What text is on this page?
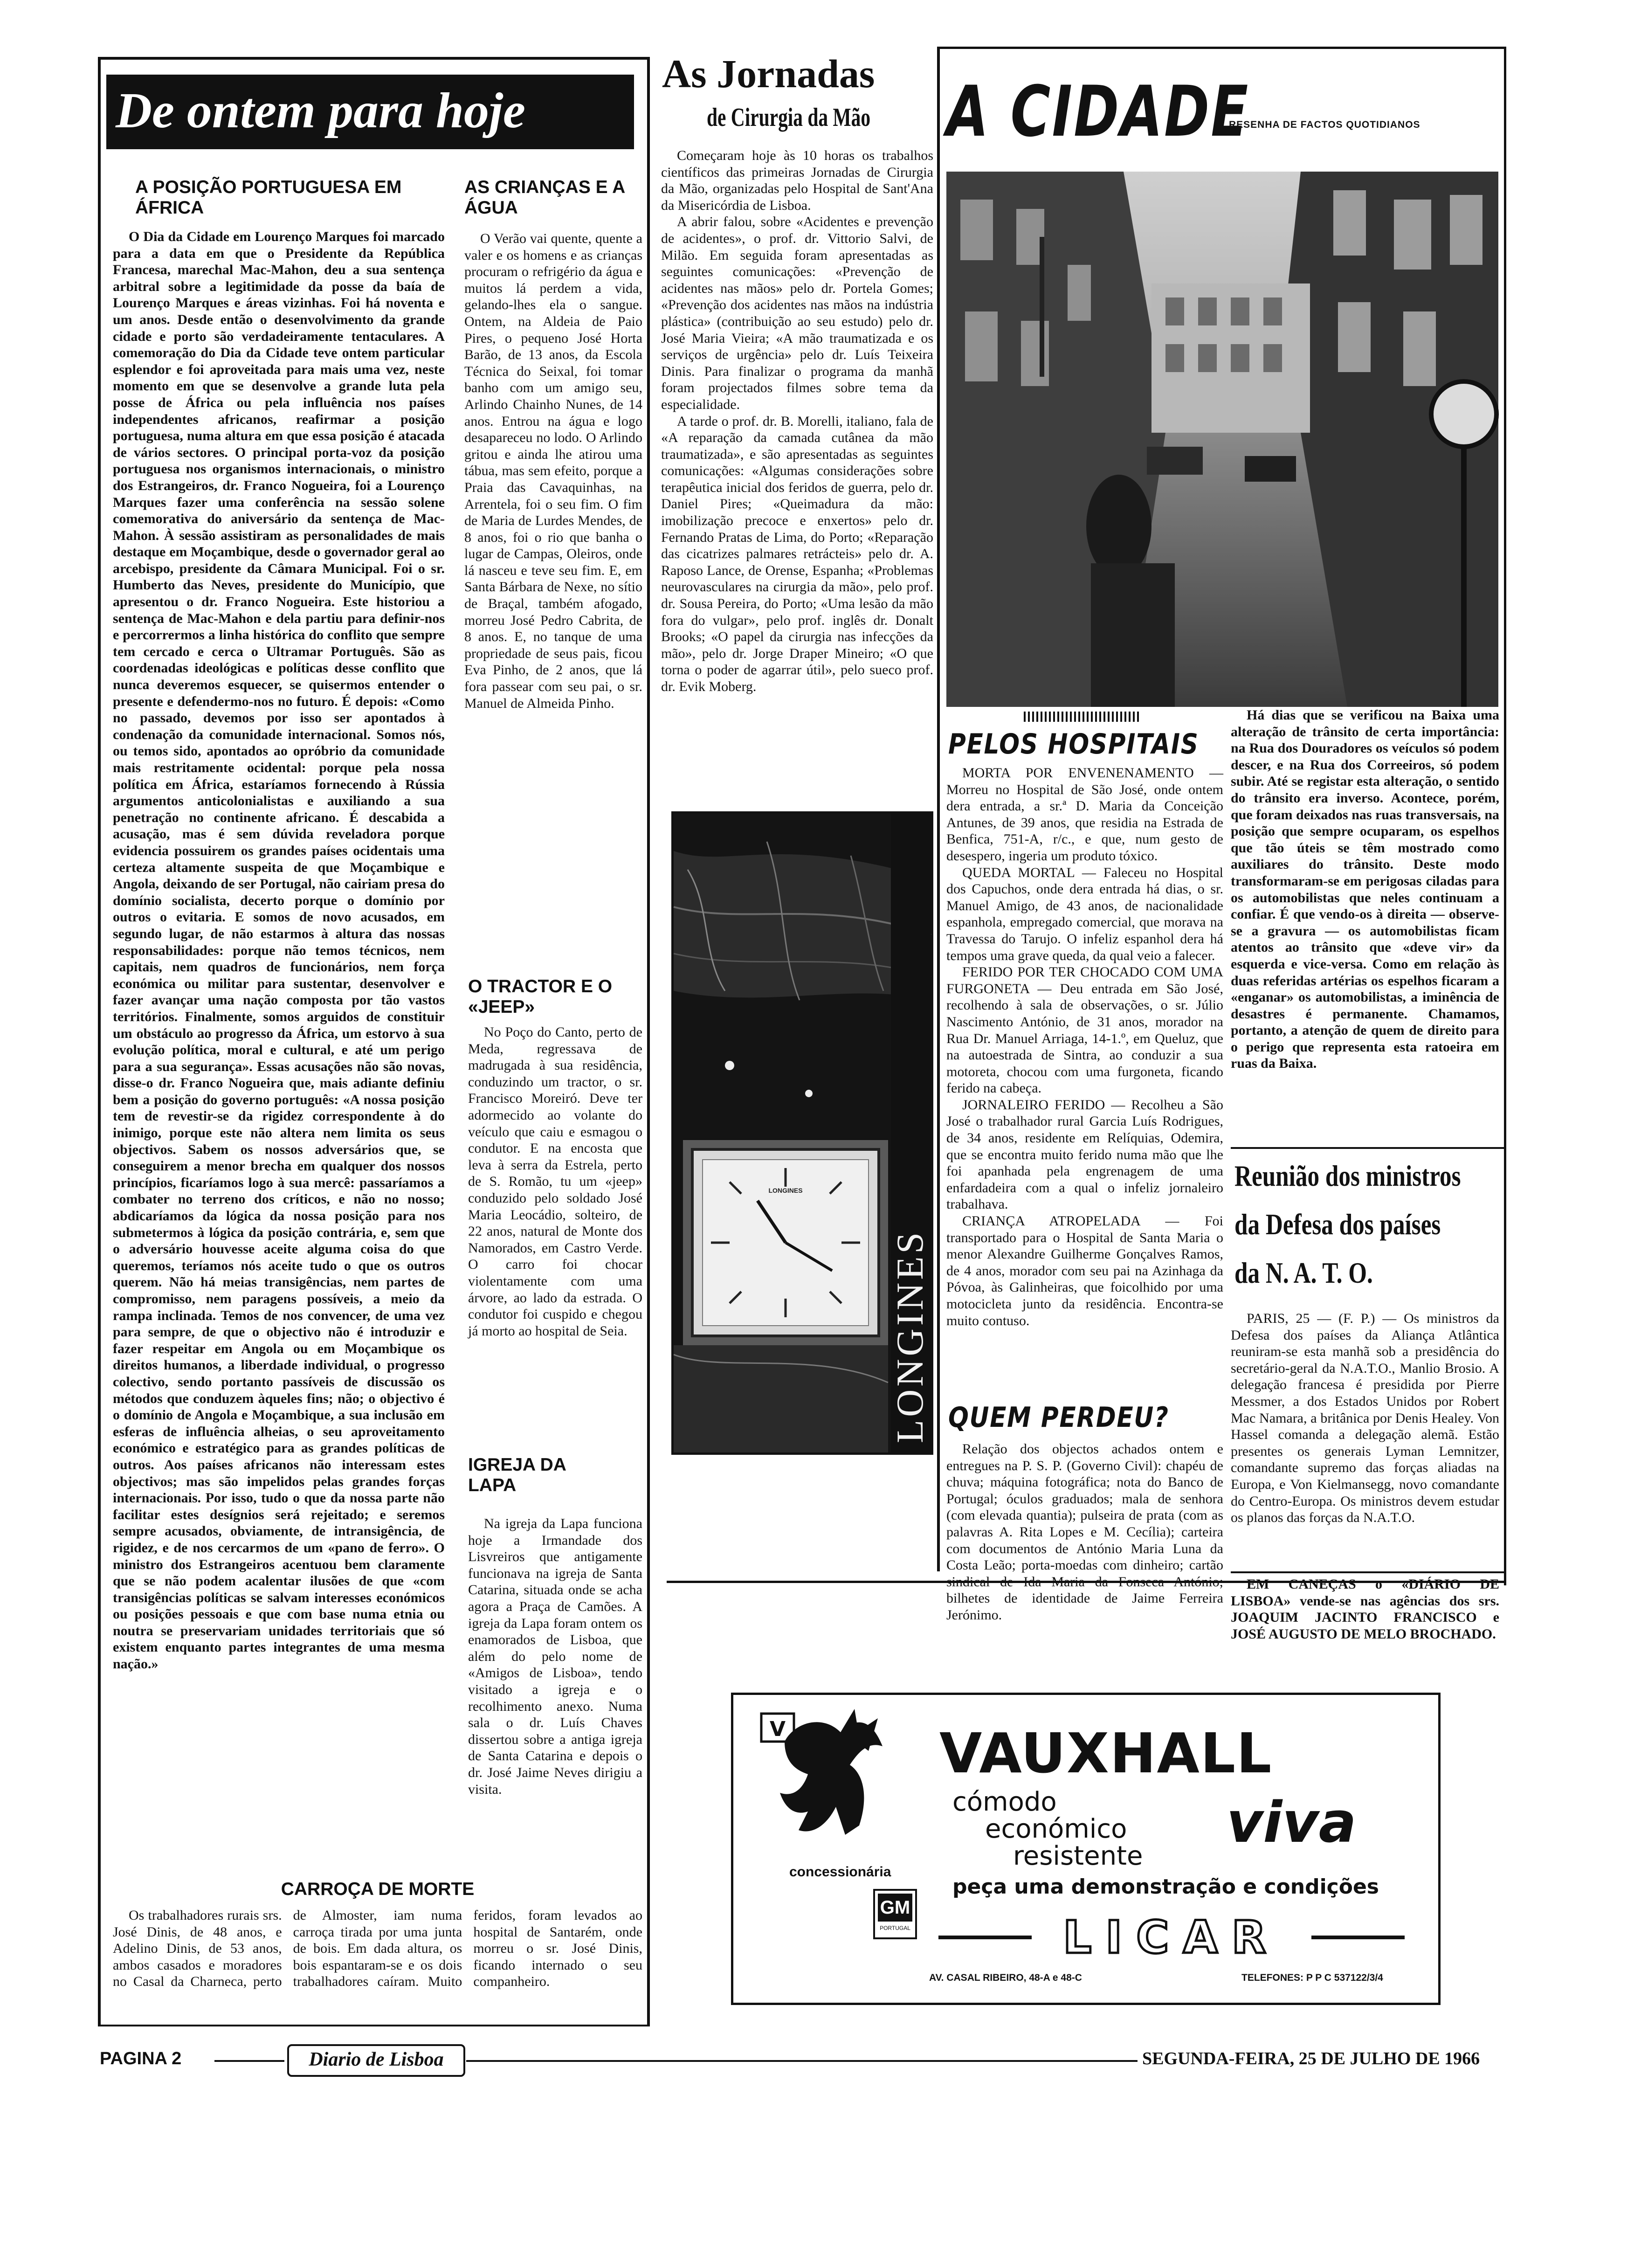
De ontem para hoje
A POSIÇÃO PORTUGUESA EM ÁFRICA

O Dia da Cidade em Lourenço Marques foi marcado para a data em que o Presidente da República Francesa, marechal Mac-Mahon, deu a sua sentença arbitral sobre a legitimidade da posse da baía de Lourenço Marques e áreas vizinhas. Foi há noventa e um anos. Desde então o desenvolvimento da grande cidade e porto são verdadeiramente tentaculares. A comemoração do Dia da Cidade teve ontem particular esplendor e foi aproveitada para mais uma vez, neste momento em que se desenvolve a grande luta pela posse de África ou pela influência nos países independentes africanos, reafirmar a posição portuguesa, numa altura em que essa posição é atacada de vários sectores. O principal porta-voz da posição portuguesa nos organismos internacionais, o ministro dos Estrangeiros, dr. Franco Nogueira, foi a Lourenço Marques fazer uma conferência na sessão solene comemorativa do aniversário da sentença de Mac-Mahon. À sessão assistiram as personalidades de mais destaque em Moçambique, desde o governador geral ao arcebispo, presidente da Câmara Municipal. Foi o sr. Humberto das Neves, presidente do Município, que apresentou o dr. Franco Nogueira. Este historiou a sentença de Mac-Mahon e dela partiu para definir-nos e percorrermos a linha histórica do conflito que sempre tem cercado e cerca o Ultramar Português. São as coordenadas ideológicas e políticas desse conflito que nunca deveremos esquecer, se quisermos entender o presente e defendermo-nos no futuro. É depois: «Como no passado, devemos por isso ser apontados à condenação da comunidade internacional. Somos nós, ou temos sido, apontados ao opróbrio da comunidade mais restritamente ocidental: porque pela nossa política em África, estaríamos fornecendo à Rússia argumentos anticolonialistas e auxiliando a sua penetração no continente africano. É descabida a acusação, mas é sem dúvida reveladora porque evidencia possuirem os grandes países ocidentais uma certeza altamente suspeita de que Moçambique e Angola, deixando de ser Portugal, não cairiam presa do domínio socialista, decerto porque o domínio por outros o evitaria. E somos de novo acusados, em segundo lugar, de não estarmos à altura das nossas responsabilidades: porque não temos técnicos, nem capitais, nem quadros de funcionários, nem força económica ou militar para sustentar, desenvolver e fazer avançar uma nação composta por tão vastos territórios. Finalmente, somos arguidos de constituir um obstáculo ao progresso da África, um estorvo à sua evolução política, moral e cultural, e até um perigo para a sua segurança». Essas acusações não são novas, disse-o dr. Franco Nogueira que, mais adiante definiu bem a posição do governo português: «A nossa posição tem de revestir-se da rigidez correspondente à do inimigo, porque este não altera nem limita os seus objectivos. Sabem os nossos adversários que, se conseguirem a menor brecha em qualquer dos nossos princípios, ficaríamos logo à sua mercê: passaríamos a combater no terreno dos críticos, e não no nosso; abdicaríamos da lógica da nossa posição para nos submetermos à lógica da posição contrária, e, sem que o adversário houvesse aceite alguma coisa do que queremos, teríamos nós aceite tudo o que os outros querem. Não há meias transigências, nem partes de compromisso, nem paragens possíveis, a meio da rampa inclinada. Temos de nos convencer, de uma vez para sempre, de que o objectivo não é introduzir e fazer respeitar em Angola ou em Moçambique os direitos humanos, a liberdade individual, o progresso colectivo, sendo portanto passíveis de discussão os métodos que conduzem àqueles fins; não; o objectivo é o domínio de Angola e Moçambique, a sua inclusão em esferas de influência alheias, o seu aproveitamento económico e estratégico para as grandes políticas de outros. Aos países africanos não interessam estes objectivos; mas são impelidos pelas grandes forças internacionais. Por isso, tudo o que da nossa parte não facilitar estes desígnios será rejeitado; e seremos sempre acusados, obviamente, de intransigência, de rigidez, e de nos cercarmos de um «pano de ferro». O ministro dos Estrangeiros acentuou bem claramente que se não podem acalentar ilusões de que «com transigências políticas se salvam interesses económicos ou posições pessoais e que com base numa etnia ou noutra se preservariam unidades territoriais que só existem enquanto partes integrantes de uma mesma nação.»

AS CRIANÇAS E A ÁGUA

O Verão vai quente, quente a valer e os homens e as crianças procuram o refrigério da água e muitos lá perdem a vida, gelando-lhes ela o sangue. Ontem, na Aldeia de Paio Pires, o pequeno José Horta Barão, de 13 anos, da Escola Técnica do Seixal, foi tomar banho com um amigo seu, Arlindo Chainho Nunes, de 14 anos. Entrou na água e logo desapareceu no lodo. O Arlindo gritou e ainda lhe atirou uma tábua, mas sem efeito, porque a Praia das Cavaquinhas, na Arrentela, foi o seu fim. O fim de Maria de Lurdes Mendes, de 8 anos, foi o rio que banha o lugar de Campas, Oleiros, onde lá nasceu e teve seu fim. E, em Santa Bárbara de Nexe, no sítio de Braçal, também afogado, morreu José Pedro Cabrita, de 8 anos. E, no tanque de uma propriedade de seus pais, ficou Eva Pinho, de 2 anos, que lá fora passear com seu pai, o sr. Manuel de Almeida Pinho.

O TRACTOR E O «JEEP»

No Poço do Canto, perto de Meda, regressava de madrugada à sua residência, conduzindo um tractor, o sr. Francisco Moreiró. Deve ter adormecido ao volante do veículo que caiu e esmagou o condutor. E na encosta que leva à serra da Estrela, perto de S. Romão, tu um «jeep» conduzido pelo soldado José Maria Leocádio, solteiro, de 22 anos, natural de Monte dos Namorados, em Castro Verde. O carro foi chocar violentamente com uma árvore, ao lado da estrada. O condutor foi cuspido e chegou já morto ao hospital de Seia.

IGREJA DA LAPA

Na igreja da Lapa funciona hoje a Irmandade dos Lisvreiros que antigamente funcionava na igreja de Santa Catarina, situada onde se acha agora a Praça de Camões. A igreja da Lapa foram ontem os enamorados de Lisboa, que além do pelo nome de «Amigos de Lisboa», tendo visitado a igreja e o recolhimento anexo. Numa sala o dr. Luís Chaves dissertou sobre a antiga igreja de Santa Catarina e depois o dr. José Jaime Neves dirigiu a visita.

CARROÇA DE MORTE

Os trabalhadores rurais srs. José Dinis, de 48 anos, e Adelino Dinis, de 53 anos, ambos casados e moradores no Casal da Charneca, perto de Almoster, iam numa carroça tirada por uma junta de bois. Em dada altura, os bois espantaram-se e os dois trabalhadores caíram. Muito feridos, foram levados ao hospital de Santarém, onde morreu o sr. José Dinis, ficando internado o seu companheiro.

As Jornadas
de Cirurgia da Mão

Começaram hoje às 10 horas os trabalhos científicos das primeiras Jornadas de Cirurgia da Mão, organizadas pelo Hospital de Sant'Ana da Misericórdia de Lisboa.

A abrir falou, sobre «Acidentes e prevenção de acidentes», o prof. dr. Vittorio Salvi, de Milão. Em seguida foram apresentadas as seguintes comunicações: «Prevenção de acidentes nas mãos» pelo dr. Portela Gomes; «Prevenção dos acidentes nas mãos na indústria plástica» (contribuição ao seu estudo) pelo dr. José Maria Vieira; «A mão traumatizada e os serviços de urgência» pelo dr. Luís Teixeira Dinis. Para finalizar o programa da manhã foram projectados filmes sobre tema da especialidade.

A tarde o prof. dr. B. Morelli, italiano, fala de «A reparação da camada cutânea da mão traumatizada», e são apresentadas as seguintes comunicações: «Algumas considerações sobre terapêutica inicial dos feridos de guerra, pelo dr. Daniel Pires; «Queimadura da mão: imobilização precoce e enxertos» pelo dr. Fernando Pratas de Lima, do Porto; «Reparação das cicatrizes palmares retrácteis» pelo dr. A. Raposo Lance, de Orense, Espanha; «Problemas neurovasculares na cirurgia da mão», pelo prof. dr. Sousa Pereira, do Porto; «Uma lesão da mão fora do vulgar», pelo prof. inglês dr. Donalt Brooks; «O papel da cirurgia nas infecções da mão», pelo dr. Jorge Draper Mineiro; «O que torna o poder de agarrar útil», pelo sueco prof. dr. Evik Moberg.

LONGINES
LONGINES
A CIDADE
RESENHA DE FACTOS QUOTIDIANOS
PELOS HOSPITAIS

MORTA POR ENVENENAMENTO — Morreu no Hospital de São José, onde ontem dera entrada, a sr.ª D. Maria da Conceição Antunes, de 39 anos, que residia na Estrada de Benfica, 751-A, r/c., e que, num gesto de desespero, ingeria um produto tóxico.

QUEDA MORTAL — Faleceu no Hospital dos Capuchos, onde dera entrada há dias, o sr. Manuel Amigo, de 43 anos, de nacionalidade espanhola, empregado comercial, que morava na Travessa do Tarujo. O infeliz espanhol dera há tempos uma grave queda, da qual veio a falecer.

FERIDO POR TER CHOCADO COM UMA FURGONETA — Deu entrada em São José, recolhendo à sala de observações, o sr. Júlio Nascimento António, de 31 anos, morador na Rua Dr. Manuel Arriaga, 14-1.º, em Queluz, que na autoestrada de Sintra, ao conduzir a sua motoreta, chocou com uma furgoneta, ficando ferido na cabeça.

JORNALEIRO FERIDO — Recolheu a São José o trabalhador rural Garcia Luís Rodrigues, de 34 anos, residente em Relíquias, Odemira, que se encontra muito ferido numa mão que lhe foi apanhada pela engrenagem de uma enfardadeira com a qual o infeliz jornaleiro trabalhava.

CRIANÇA ATROPELADA — Foi transportado para o Hospital de Santa Maria o menor Alexandre Guilherme Gonçalves Ramos, de 4 anos, morador com seu pai na Azinhaga da Póvoa, às Galinheiras, que foicolhido por uma motocicleta junto da residência. Encontra-se muito contuso.

QUEM PERDEU?

Relação dos objectos achados ontem e entregues na P. S. P. (Governo Civil): chapéu de chuva; máquina fotográfica; nota do Banco de Portugal; óculos graduados; mala de senhora (com elevada quantia); pulseira de prata (com as palavras A. Rita Lopes e M. Cecília); carteira com documentos de António Maria Luna da Costa Leão; porta-moedas com dinheiro; cartão sindical de Ida Maria da Fonseca António; bilhetes de identidade de Jaime Ferreira Jerónimo.

Há dias que se verificou na Baixa uma alteração de trânsito de certa importância: na Rua dos Douradores os veículos só podem descer, e na Rua dos Correeiros, só podem subir. Até se registar esta alteração, o sentido do trânsito era inverso. Acontece, porém, que foram deixados nas ruas transversais, na posição que sempre ocuparam, os espelhos que tão úteis se têm mostrado como auxiliares do trânsito. Deste modo transformaram-se em perigosas ciladas para os automobilistas que neles continuam a confiar. É que vendo-os à direita — observe-se a gravura — os automobilistas ficam atentos ao trânsito que «deve vir» da esquerda e vice-versa. Como em relação às duas referidas artérias os espelhos ficaram a «enganar» os automobilistas, a iminência de desastres é permanente. Chamamos, portanto, a atenção de quem de direito para o perigo que representa esta ratoeira em ruas da Baixa.

Reunião dos ministros

da Defesa dos países
da N. A. T. O.

PARIS, 25 — (F. P.) — Os ministros da Defesa dos países da Aliança Atlântica reuniram-se esta manhã sob a presidência do secretário-geral da N.A.T.O., Manlio Brosio. A delegação francesa é presidida por Pierre Messmer, a dos Estados Unidos por Robert Mac Namara, a britânica por Denis Healey. Von Hassel comanda a delegação alemã. Estão presentes os generais Lyman Lemnitzer, comandante supremo das forças aliadas na Europa, e Von Kielmansegg, novo comandante do Centro-Europa. Os ministros devem estudar os planos das forças da N.A.T.O.

EM CANEÇAS o «DIÁRIO DE LISBOA» vende-se nas agências dos srs. JOAQUIM JACINTO FRANCISCO e JOSÉ AUGUSTO DE MELO BROCHADO.

V	VAUXHALL
cómodo
económico
resistente
viva
concessionária
GM
PORTUGAL
peça uma demonstração e condições
LICAR
AV. CASAL RIBEIRO, 48-A e 48-C	TELEFONES: P P C 537122/3/4
PAGINA 2	Diario de Lisboa	SEGUNDA-FEIRA, 25 DE JULHO DE 1966
